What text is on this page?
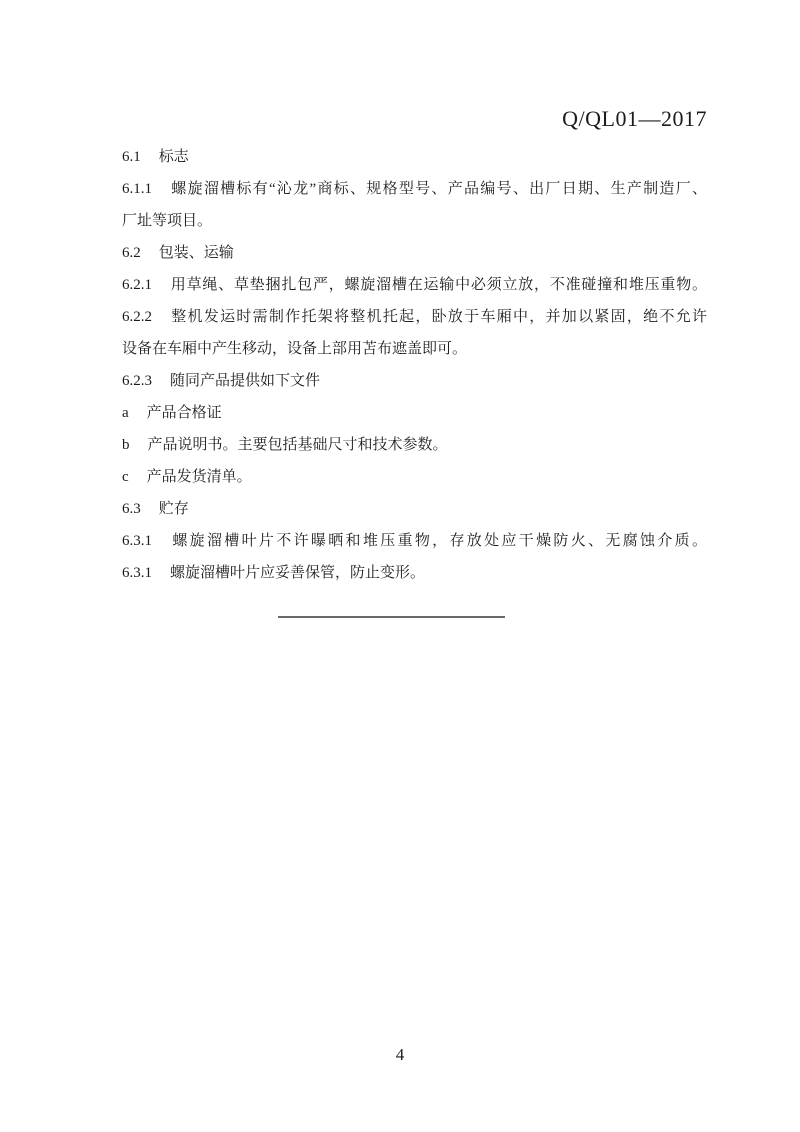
Q/QL01—2017
6.1 标志
6.1.1 螺旋溜槽标有“沁龙”商标、规格型号、产品编号、出厂日期、生产制造厂、
厂址等项目。
6.2 包装、运输
6.2.1 用草绳、草垫捆扎包严，螺旋溜槽在运输中必须立放，不准碰撞和堆压重物。
6.2.2 整机发运时需制作托架将整机托起，卧放于车厢中，并加以紧固，绝不允许
设备在车厢中产生移动，设备上部用苫布遮盖即可。
6.2.3 随同产品提供如下文件
a 产品合格证
b 产品说明书。主要包括基础尺寸和技术参数。
c 产品发货清单。
6.3 贮存
6.3.1 螺旋溜槽叶片不许曝晒和堆压重物，存放处应干燥防火、无腐蚀介质。
6.3.1 螺旋溜槽叶片应妥善保管，防止变形。
4
